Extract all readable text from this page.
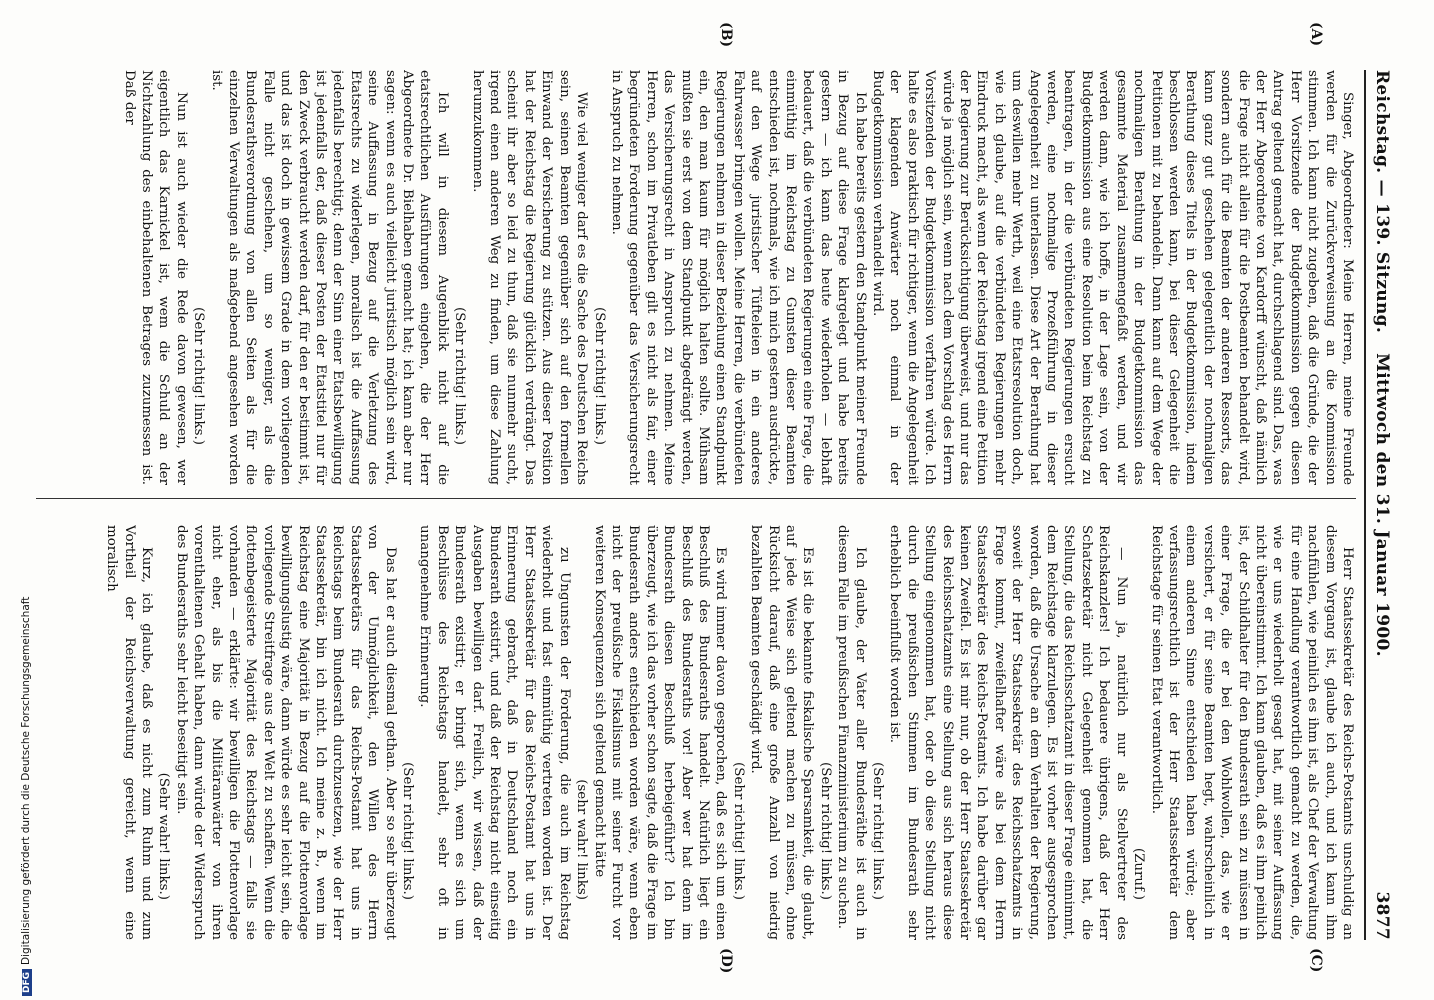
Reichstag. — 139. Sitzung.
Mittwoch den 31. Januar 1900.
3877
(A)
(B)
(C)
(D)

Singer, Abgeordneter: Meine Herren, meine Freunde werden für die Zurückverweisung an die Kommission stimmen. Ich kann nicht zugeben, daß die Gründe, die der Herr Vorsitzende der Budgetkommission gegen diesen Antrag geltend gemacht hat, durchschlagend sind. Das, was der Herr Abgeordnete von Kardorff wünscht, daß nämlich die Frage nicht allein für die Postbeamten behandelt wird, sondern auch für die Beamten der anderen Ressorts, das kann ganz gut geschehen gelegentlich der nochmaligen Berathung dieses Titels in der Budgetkommission, indem beschlossen werden kann, bei dieser Gelegenheit die Petitionen mit zu behandeln. Dann kann auf dem Wege der nochmaligen Berathung in der Budgetkommission das gesammte Material zusammengefaßt werden, und wir werden dann, wie ich hoffe, in der Lage sein, von der Budgetkommission aus eine Resolution beim Reichstag zu beantragen, in der die verbündeten Regierungen ersucht werden, eine nochmalige Prozeßführung in dieser Angelegenheit zu unterlassen. Diese Art der Berathung hat um deswillen mehr Werth, weil eine Etatsresolution doch, wie ich glaube, auf die verbündeten Regierungen mehr Eindruck macht, als wenn der Reichstag irgend eine Petition der Regierung zur Berücksichtigung überweist, und nur das würde ja möglich sein, wenn nach dem Vorschlag des Herrn Vorsitzenden der Budgetkommission verfahren würde. Ich halte es also praktisch für richtiger, wenn die Angelegenheit der klagenden Anwärter noch einmal in der Budgetkommission verhandelt wird.

Ich habe bereits gestern den Standpunkt meiner Freunde in Bezug auf diese Frage klargelegt und habe bereits gestern — ich kann das heute wiederholen — lebhaft bedauert, daß die verbündeten Regierungen eine Frage, die einmüthig im Reichstag zu Gunsten dieser Beamten entschieden ist, nochmals, wie ich mich gestern ausdrückte, auf den Wege juristischer Tüfteleien in ein anderes Fahrwasser bringen wollen. Meine Herren, die verbündeten Regierungen nehmen in dieser Beziehung einen Standpunkt ein, den man kaum für möglich halten sollte. Mühsam mußten sie erst von dem Standpunkt abgedrängt werden, das Versicherungsrecht in Anspruch zu nehmen. Meine Herren, schon im Privatleben gilt es nicht als fair, einer begründeten Forderung gegenüber das Versicherungsrecht in Anspruch zu nehmen.

(Sehr richtig! links.)

Wie viel weniger darf es die Sache des Deutschen Reichs sein, seinen Beamten gegenüber sich auf den formellen Einwand der Versicherung zu stützen. Aus dieser Position hat der Reichstag die Regierung glücklich verdrängt. Das scheint ihr aber so leid zu thun, daß sie nunmehr sucht, irgend einen anderen Weg zu finden, um diese Zahlung herumzukommen.

(Sehr richtig! links.)

Ich will in diesem Augenblick nicht auf die etatsrechtlichen Ausführungen eingehen, die der Herr Abgeordnete Dr. Bielhaben gemacht hat; ich kann aber nur sagen: wenn es auch vielleicht juristisch möglich sein wird, seine Auffassung in Bezug auf die Verletzung des Etatsrechts zu widerlegen, moralisch ist die Auffassung jedenfalls berechtigt; denn der Sinn einer Etatsbewilligung ist jedenfalls der, daß dieser Posten der Etatstitel nur für den Zweck verbraucht werden darf, für den er bestimmt ist, und das ist doch in gewissem Grade in dem vorliegenden Falle nicht geschehen, um so weniger, als die Bundesrathsverordnung von allen Seiten als für die einzelnen Verwaltungen als maßgebend angesehen worden ist.

(Sehr richtig! links.)

Nun ist auch wieder die Rede davon gewesen, wer eigentlich das Karnickel ist, wem die Schuld an der Nichtzahlung des einbehaltenen Betrages zuzumessen ist. Daß der

Herr Staatssekretär des Reichs-Postamts unschuldig an diesem Vorgang ist, glaube ich auch, und ich kann ihm nachfühlen, wie peinlich es ihm ist, als Chef der Verwaltung für eine Handlung verantwortlich gemacht zu werden, die, wie er uns wiederholt gesagt hat, mit seiner Auffassung nicht übereinstimmt. Ich kann glauben, daß es ihm peinlich ist, der Schildhalter für den Bundesrath sein zu müssen in einer Frage, die er bei den Wohlwollen, das, wie er versichert, er für seine Beamten hegt, wahrscheinlich in einem anderen Sinne entschieden haben würde; aber verfassungsrechtlich ist der Herr Staatssekretär dem Reichstage für seinen Etat verantwortlich.

(Zuruf.)

— Nun ja, natürlich nur als Stellvertreter des Reichskanzlers! Ich bedauere übrigens, daß der Herr Schatzsekretär nicht Gelegenheit genommen hat, die Stellung, die das Reichsschatzamt in dieser Frage einnimmt, dem Reichstage klarzulegen. Es ist vorher ausgesprochen worden, daß die Ursache an dem Verhalten der Regierung, soweit der Herr Staatssekretär des Reichsschatzamts in Frage kommt, zweifelhafter wäre als bei dem Herrn Staatssekretär des Reichs-Postamts. Ich habe darüber gar keinen Zweifel. Es ist mir nur, ob der Herr Staatssekretär des Reichsschatzamts eine Stellung aus sich heraus diese Stellung eingenommen hat, oder ob diese Stellung nicht durch die preußischen Stimmen im Bundesrath sehr erheblich beeinflußt worden ist.

(Sehr richtig! links.)

Ich glaube, der Vater aller Bundesräthe ist auch in diesem Falle im preußischen Finanzministerium zu suchen.

(Sehr richtig! links.)

Es ist die bekannte fiskalische Sparsamkeit, die glaubt, auf jede Weise sich geltend machen zu müssen, ohne Rücksicht darauf, daß eine große Anzahl von niedrig bezahlten Beamten geschädigt wird.

(Sehr richtig! links.)

Es wird immer davon gesprochen, daß es sich um einen Beschluß des Bundesraths handelt. Natürlich liegt ein Beschluß des Bundesraths vor! Aber wer hat denn im Bundesrath diesen Beschluß herbeigeführt? Ich bin überzeugt, wie ich das vorher schon sagte, daß die Frage im Bundesrath anders entschieden worden wäre, wenn eben nicht der preußische Fiskalismus mit seiner Furcht vor weiteren Konsequenzen sich geltend gemacht hätte

(sehr wahr! links)

zu Ungunsten der Forderung, die auch im Reichstag wiederholt und fast einmüthig vertreten worden ist. Der Herr Staatssekretär für das Reichs-Postamt hat uns in Erinnerung gebracht, daß in Deutschland noch ein Bundesrath existirt, und daß der Reichstag nicht einseitig Ausgaben bewilligen darf. Freilich, wir wissen, daß der Bundesrath existirt; er bringt sich, wenn es sich um Beschlüsse des Reichstags handelt, sehr oft in unangenehme Erinnerung.

(Sehr richtig! links.)

Das hat er auch diesmal gethan. Aber so sehr überzeugt von der Unmöglichkeit, den Willen des Herrn Staatssekretärs für das Reichs-Postamt hat uns in Reichstags beim Bundesrath durchzusetzen, wie der Herr Staatssekretär, bin ich nicht. Ich meine z. B., wenn im Reichstag eine Majorität in Bezug auf die Flottenvorlage bewilligungslustig wäre, dann würde es sehr leicht sein, die vorliegende Streitfrage aus der Welt zu schaffen. Wenn die flottenbegeisterte Majorität des Reichstags — falls sie vorhanden — erklärte: wir bewilligen die Flottenvorlage nicht eher, als bis die Militäranwärter von ihren vorenthaltenen Gehalt haben, dann würde der Widerspruch des Bundesraths sehr leicht beseitigt sein.

(Sehr wahr! links.)

Kurz, ich glaube, daß es nicht zum Ruhm und zum Vortheil der Reichsverwaltung gereicht, wenn eine moralisch

DFGDigitalisierung gefördert durch die Deutsche Forschungsgemeinschaft
